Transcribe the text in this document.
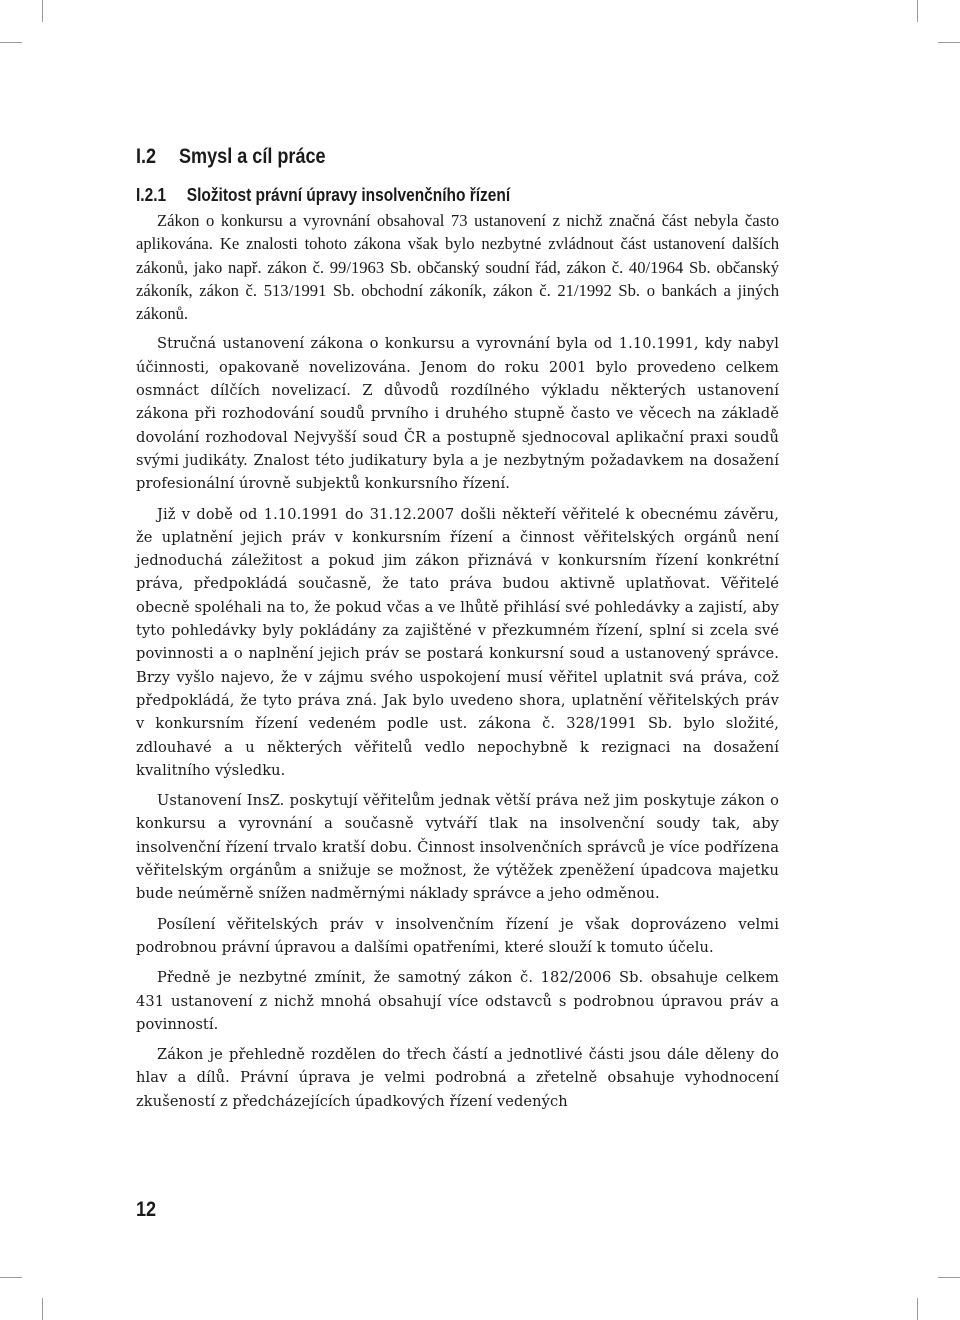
I.2 Smysl a cíl práce
I.2.1 Složitost právní úpravy insolvenčního řízení

Zákon o konkursu a vyrovnání obsahoval 73 ustanovení z nichž značná část nebyla často aplikována. Ke znalosti tohoto zákona však bylo nezbytné zvládnout část ustanovení dalších zákonů, jako např. zákon č. 99/1963 Sb. občanský soudní řád, zákon č. 40/1964 Sb. občanský zákoník, zákon č. 513/1991 Sb. obchodní zákoník, zákon č. 21/1992 Sb. o bankách a jiných zákonů.

Stručná ustanovení zákona o konkursu a vyrovnání byla od 1.10.1991, kdy nabyl účinnosti, opakovaně novelizována. Jenom do roku 2001 bylo provedeno celkem osmnáct dílčích novelizací. Z důvodů rozdílného výkladu některých ustanovení zákona při rozhodování soudů prvního i druhého stupně často ve věcech na základě dovolání rozhodoval Nejvyšší soud ČR a postupně sjednocoval aplikační praxi soudů svými judikáty. Znalost této judikatury byla a je nezbytným požadavkem na dosažení profesionální úrovně subjektů konkursního řízení.

Již v době od 1.10.1991 do 31.12.2007 došli někteří věřitelé k obecnému závěru, že uplatnění jejich práv v konkursním řízení a činnost věřitelských orgánů není jednoduchá záležitost a pokud jim zákon přiznává v konkursním řízení konkrétní práva, předpokládá současně, že tato práva budou aktivně uplatňovat. Věřitelé obecně spoléhali na to, že pokud včas a ve lhůtě přihlásí své pohledávky a zajistí, aby tyto pohledávky byly pokládány za zajištěné v přezkumném řízení, splní si zcela své povinnosti a o naplnění jejich práv se postará konkursní soud a ustanovený správce. Brzy vyšlo najevo, že v zájmu svého uspokojení musí věřitel uplatnit svá práva, což předpokládá, že tyto práva zná. Jak bylo uvedeno shora, uplatnění věřitelských práv v konkursním řízení vedeném podle ust. zákona č. 328/1991 Sb. bylo složité, zdlouhavé a u některých věřitelů vedlo nepochybně k rezignaci na dosažení kvalitního výsledku.

Ustanovení InsZ. poskytují věřitelům jednak větší práva než jim poskytuje zákon o konkursu a vyrovnání a současně vytváří tlak na insolvenční soudy tak, aby insolvenční řízení trvalo kratší dobu. Činnost insolvenčních správců je více podřízena věřitelským orgánům a snižuje se možnost, že výtěžek zpeněžení úpadcova majetku bude neúměrně snížen nadměrnými náklady správce a jeho odměnou.

Posílení věřitelských práv v insolvenčním řízení je však doprovázeno velmi podrobnou právní úpravou a dalšími opatřeními, které slouží k tomuto účelu.

Předně je nezbytné zmínit, že samotný zákon č. 182/2006 Sb. obsahuje celkem 431 ustanovení z nichž mnohá obsahují více odstavců s podrobnou úpravou práv a povinností.

Zákon je přehledně rozdělen do třech částí a jednotlivé části jsou dále děleny do hlav a dílů. Právní úprava je velmi podrobná a zřetelně obsahuje vyhodnocení zkušeností z předcházejících úpadkových řízení vedených

12
